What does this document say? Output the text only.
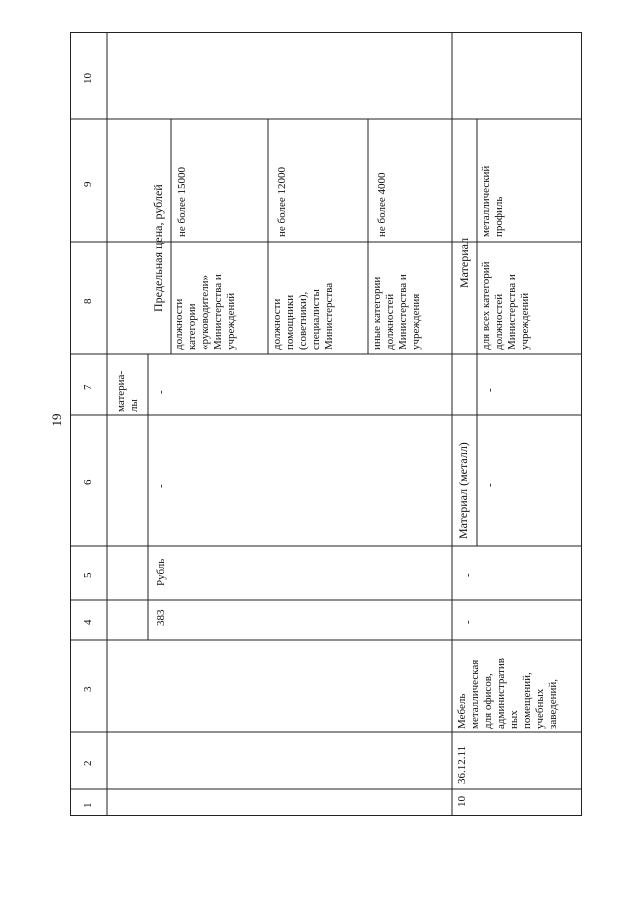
19
10
9
8
7
6
5
4
3
2
1
материа-
лы
Предельная цена, рублей
-
-
Рубль
383
должности
категории
«руководители»
Министерства и
учреждений
не более 15000
должности
помощники
(советники),
специалисты
Министерства
не более 12000
иные категории
должностей
Министерства и
учреждения
не более 4000
10
36.12.11
Мебель
металлическая
для офисов,
административ
ных
помещений,
учебных
заведений,
-
-
Материал (металл) -
-
Материал
для всех категорий
должностей
Министерства и
учреждений
металлический
профиль
